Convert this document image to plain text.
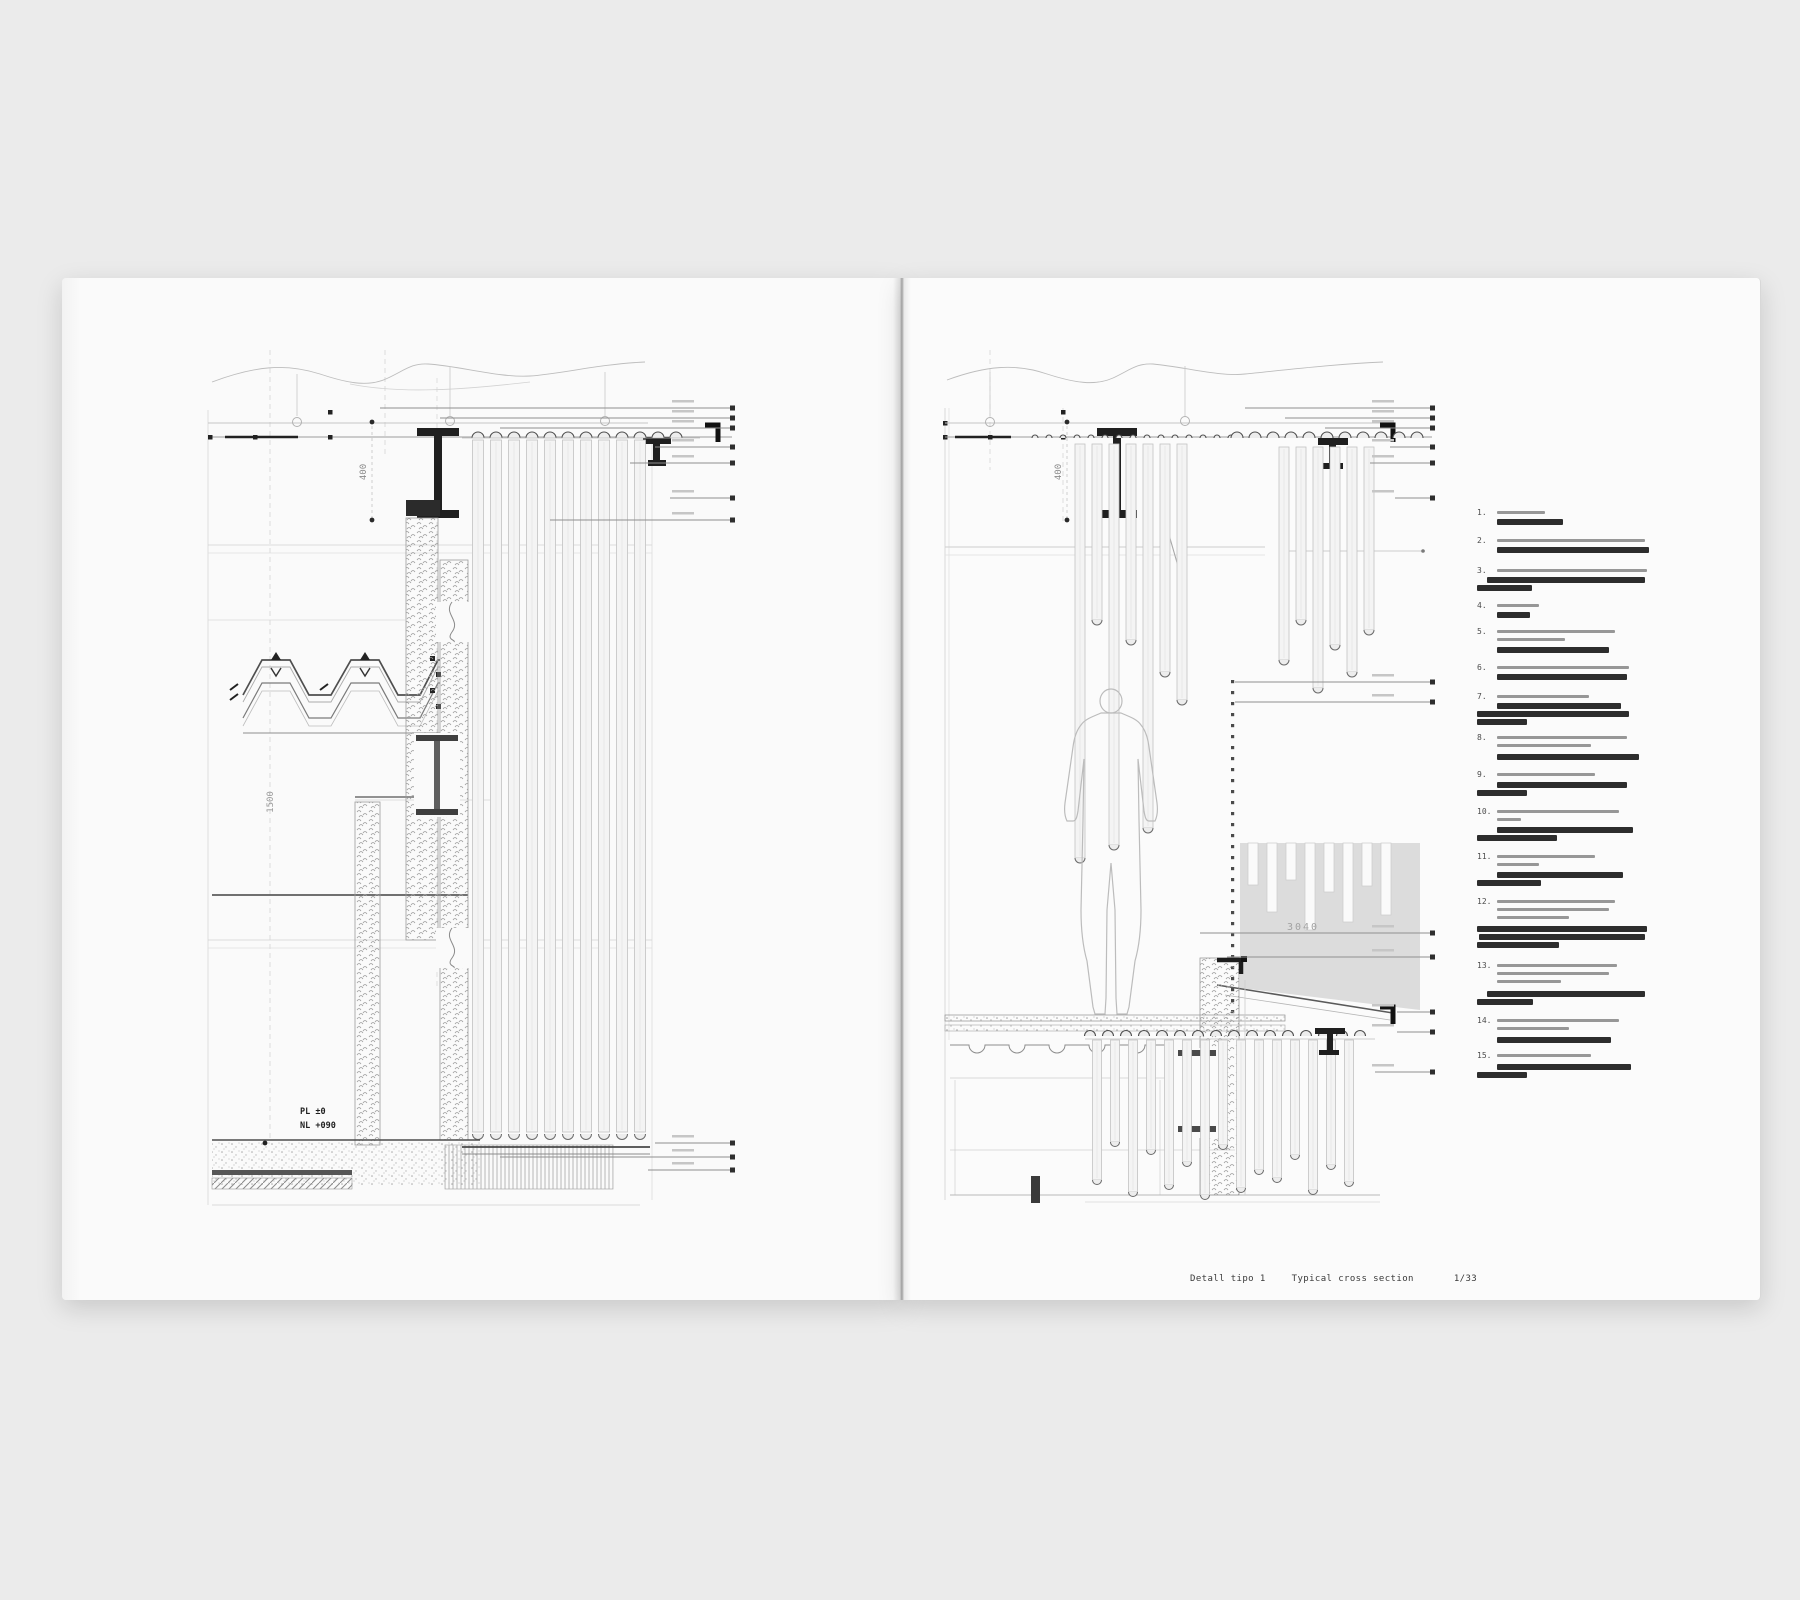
400
1500
PL ±0
NL +090
400
3040
1.
2.
3.
4.
5.
6.
7.
8.
9.
10.
11.
12.
13.
14.
15.
Detall tipo 1	Typical cross section	1/33
